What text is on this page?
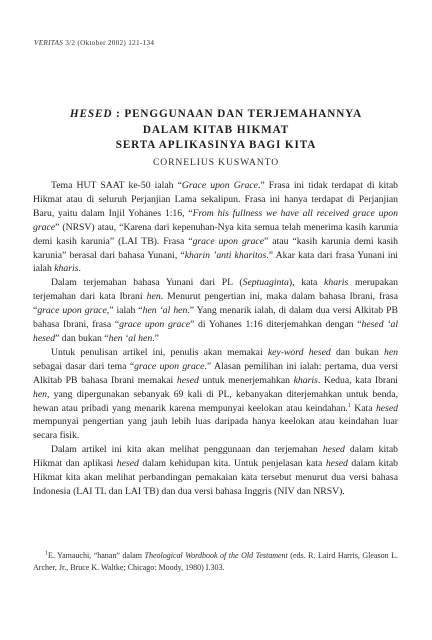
VERITAS 3/2 (Oktober 2002) 121-134
HESED : PENGGUNAAN DAN TERJEMAHANNYA
DALAM KITAB HIKMAT
SERTA APLIKASINYA BAGI KITA
CORNELIUS KUSWANTO

Tema HUT SAAT ke-50 ialah “Grace upon Grace.” Frasa ini tidak terdapat di kitab Hikmat atau di seluruh Perjanjian Lama sekalipun. Frasa ini hanya terdapat di Perjanjian Baru, yaitu dalam Injil Yohanes 1:16, “From his fullness we have all received grace upon grace” (NRSV) atau, “Karena dari kepenuhan-Nya kita semua telah menerima kasih karunia demi kasih karunia” (LAI TB). Frasa “grace upon grace” atau “kasih karunia demi kasih karunia” berasal dari bahasa Yunani, “kharin ’anti kharitos.” Akar kata dari frasa Yunani ini ialah kharis.

Dalam terjemahan bahasa Yunani dari PL (Septuaginta), kata kharis merupakan terjemahan dari kata Ibrani hen. Menurut pengertian ini, maka dalam bahasa Ibrani, frasa “grace upon grace,” ialah “hen ‘al hen.” Yang menarik ialah, di dalam dua versi Alkitab PB bahasa Ibrani, frasa “grace upon grace” di Yohanes 1:16 diterjemahkan dengan “hesed ‘al hesed” dan bukan “hen ‘al hen.”

Untuk penulisan artikel ini, penulis akan memakai key-word hesed dan bukan hen sebagai dasar dari tema “grace upon grace.” Alasan pemilihan ini ialah: pertama, dua versi Alkitab PB bahasa Ibrani memakai hesed untuk menerjemahkan kharis. Kedua, kata Ibrani hen, yang dipergunakan sebanyak 69 kali di PL, kebanyakan diterjemahkan untuk benda, hewan atau pribadi yang menarik karena mempunyai keelokan atau keindahan.$^1$ Kata hesed mempunyai pengertian yang jauh lebih luas daripada hanya keelokan atau keindahan luar secara fisik.

Dalam artikel ini kita akan melihat penggunaan dan terjemahan hesed dalam kitab Hikmat dan aplikasi hesed dalam kehidupan kita. Untuk penjelasan kata hesed dalam kitab Hikmat kita akan melihat perbandingan pemakaian kata tersebut menurut dua versi bahasa Indonesia (LAI TL dan LAI TB) dan dua versi bahasa Inggris (NIV dan NRSV).

$^1$E. Yamauchi, “hanan” dalam Theological Wordbook of the Old Testament (eds. R. Laird Harris, Gleason L. Archer, Jr., Bruce K. Waltke; Chicago: Moody, 1980) I.303.
